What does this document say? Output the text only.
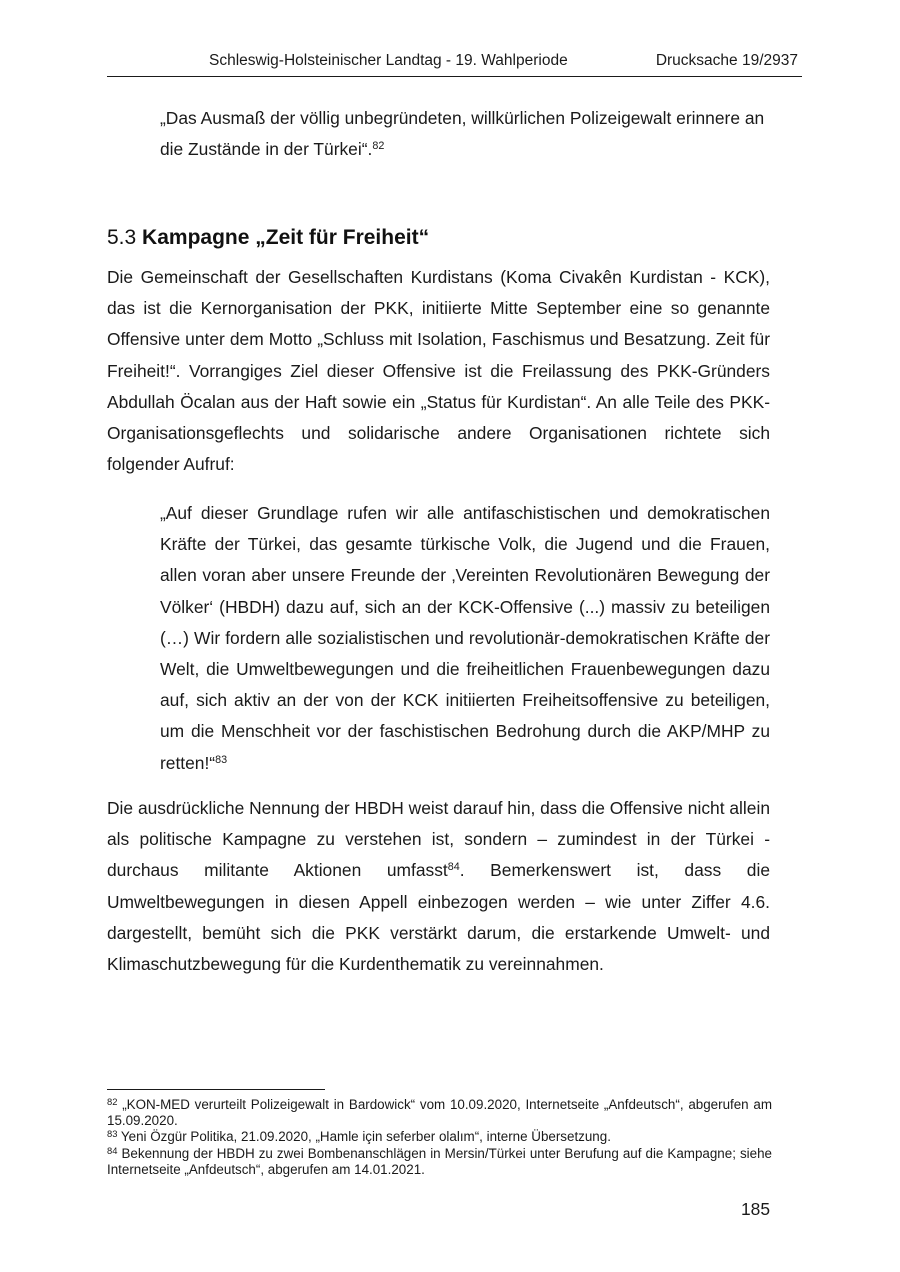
Schleswig-Holsteinischer Landtag - 19. Wahlperiode	Drucksache 19/2937
„Das Ausmaß der völlig unbegründeten, willkürlichen Polizeigewalt erinnere an die Zustände in der Türkei“.$^{82}$
5.3 Kampagne „Zeit für Freiheit“
Die Gemeinschaft der Gesellschaften Kurdistans (Koma Civakên Kurdistan - KCK), das ist die Kernorganisation der PKK, initiierte Mitte September eine so genannte Offensive unter dem Motto „Schluss mit Isolation, Faschismus und Besatzung. Zeit für Freiheit!“. Vorrangiges Ziel dieser Offensive ist die Freilassung des PKK-Gründers Abdullah Öcalan aus der Haft sowie ein „Status für Kurdistan“. An alle Teile des PKK-Organisationsgeflechts und solidarische andere Organisationen richtete sich folgender Aufruf:
„Auf dieser Grundlage rufen wir alle antifaschistischen und demokratischen Kräfte der Türkei, das gesamte türkische Volk, die Jugend und die Frauen, allen voran aber unsere Freunde der ‚Vereinten Revolutionären Bewegung der Völker‘ (HBDH) dazu auf, sich an der KCK-Offensive (...) massiv zu beteiligen (…) Wir fordern alle sozialistischen und revolutionär-demokratischen Kräfte der Welt, die Umweltbewegungen und die freiheitlichen Frauenbewegungen dazu auf, sich aktiv an der von der KCK initiierten Freiheitsoffensive zu beteiligen, um die Menschheit vor der faschistischen Bedrohung durch die AKP/MHP zu retten!“$^{83}$
Die ausdrückliche Nennung der HBDH weist darauf hin, dass die Offensive nicht allein als politische Kampagne zu verstehen ist, sondern – zumindest in der Türkei - durchaus militante Aktionen umfasst$^{84}$. Bemerkenswert ist, dass die Umweltbewegungen in diesen Appell einbezogen werden – wie unter Ziffer 4.6. dargestellt, bemüht sich die PKK verstärkt darum, die erstarkende Umwelt- und Klimaschutzbewegung für die Kurdenthematik zu vereinnahmen.
$^{82}$ „KON-MED verurteilt Polizeigewalt in Bardowick“ vom 10.09.2020, Internetseite „Anfdeutsch“, abgerufen am 15.09.2020.
$^{83}$ Yeni Özgür Politika, 21.09.2020, „Hamle için seferber olalım“, interne Übersetzung.
$^{84}$ Bekennung der HBDH zu zwei Bombenanschlägen in Mersin/Türkei unter Berufung auf die Kampagne; siehe Internetseite „Anfdeutsch“, abgerufen am 14.01.2021.
185
